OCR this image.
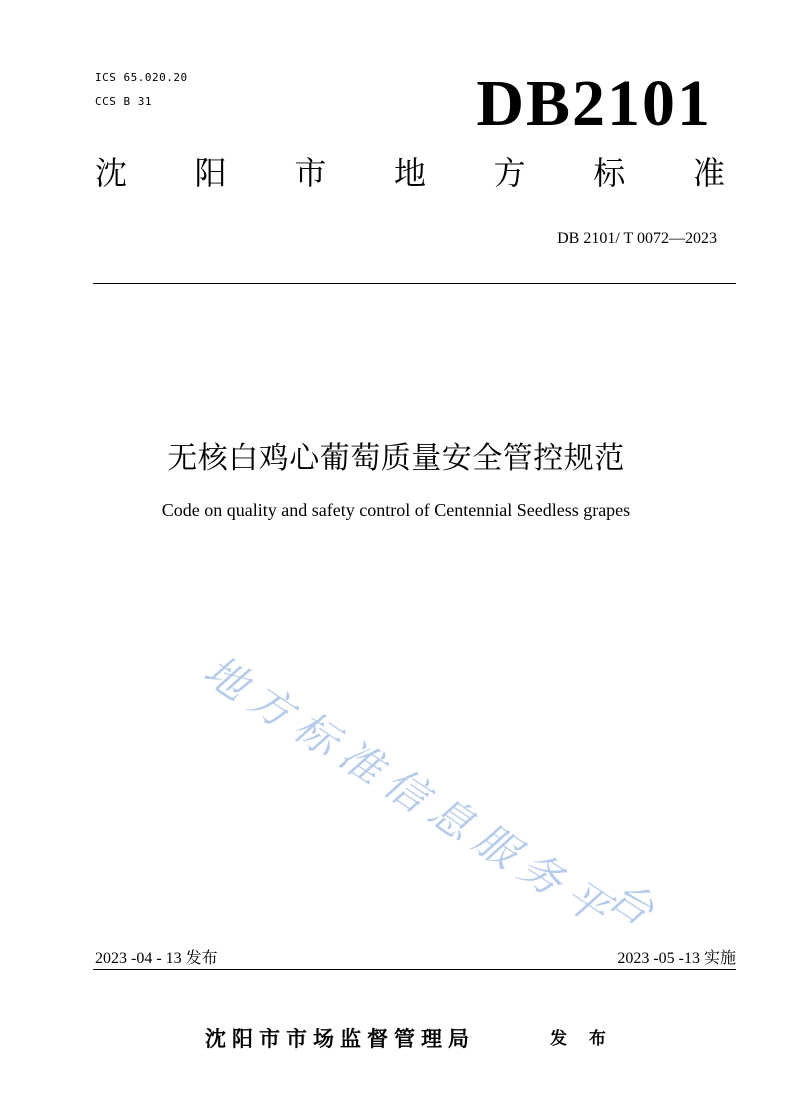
ICS 65.020.20
CCS B 31	DB2101
沈 阳 市 地 方 标 准
DB 2101/ T 0072—2023
无核白鸡心葡萄质量安全管控规范
Code on quality and safety control of Centennial Seedless grapes
地
方
标
准
信
息
服
务
平
台
2023 -04 - 13 发布	2023 -05 -13 实施
沈阳市市场监督管理局	发 布
